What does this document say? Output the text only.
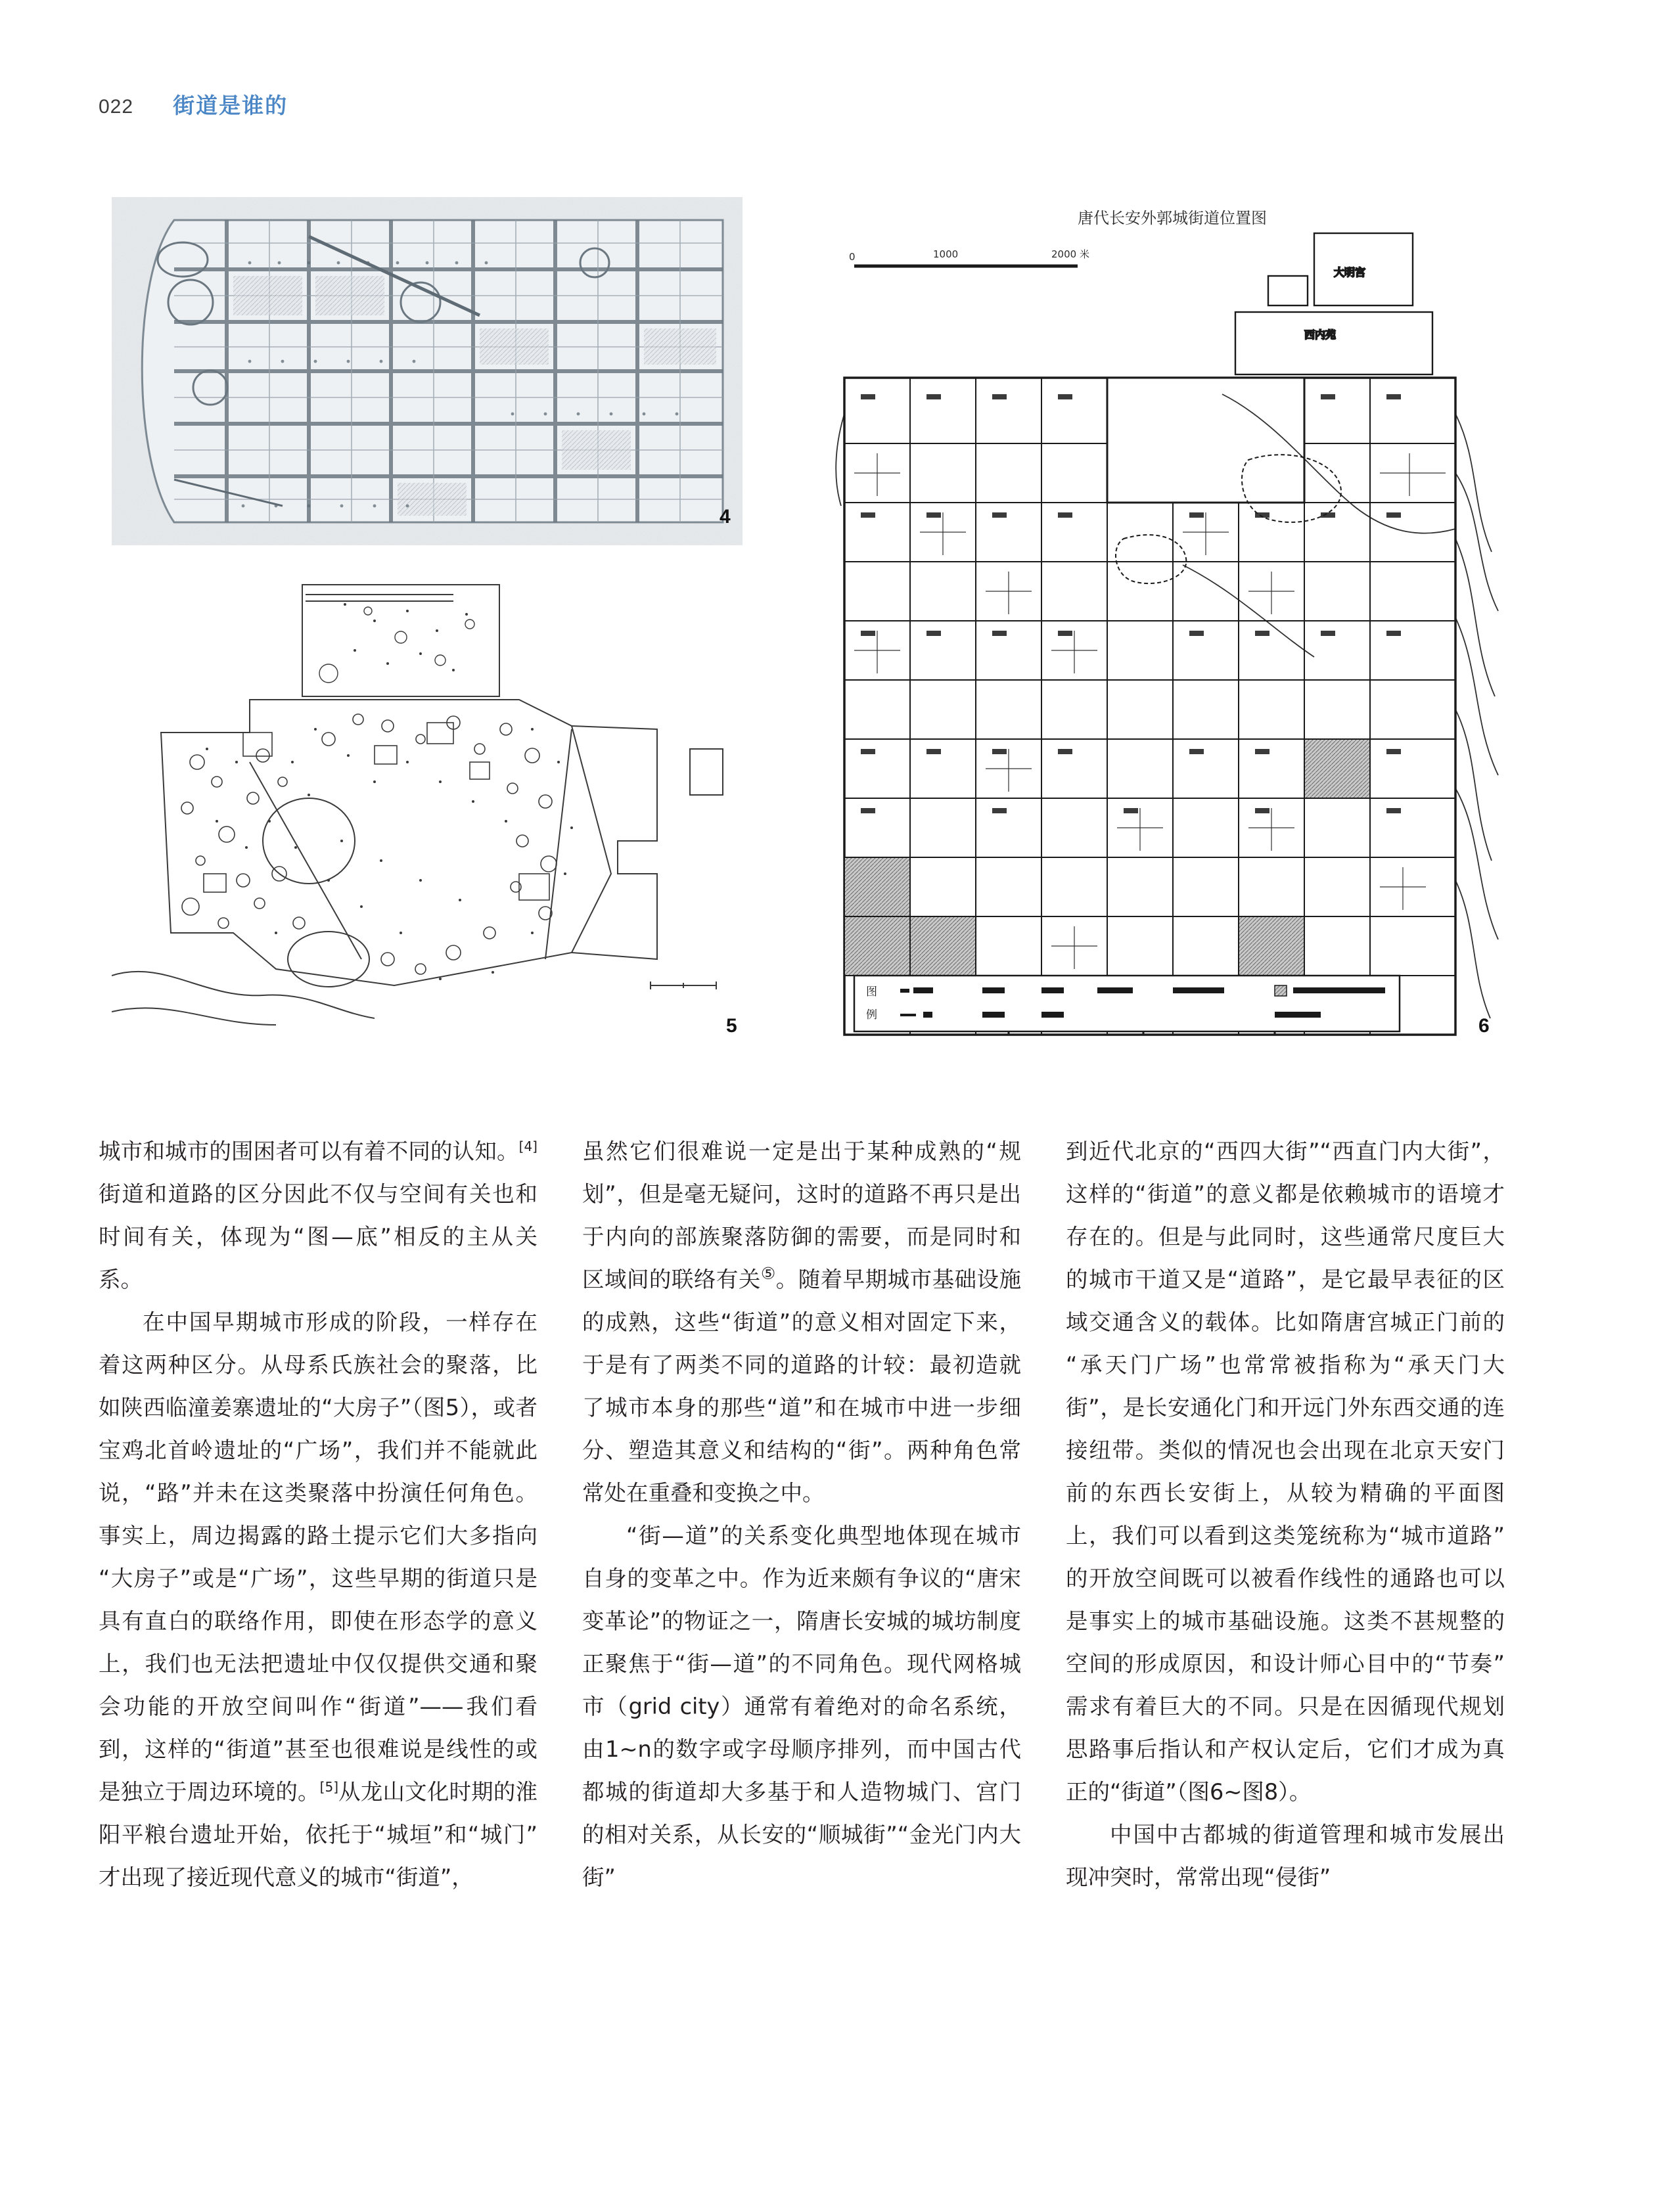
022 街道是谁的
4
5
唐代长安外郭城街道位置图
0	1000	2000 米
大明宫
西内苑
图
例	6

城市和城市的围困者可以有着不同的认知。[4]街道和道路的区分因此不仅与空间有关也和时间有关，体现为“图—底”相反的主从关系。

在中国早期城市形成的阶段，一样存在着这两种区分。从母系氏族社会的聚落，比如陕西临潼姜寨遗址的“大房子”（图5），或者宝鸡北首岭遗址的“广场”，我们并不能就此说，“路”并未在这类聚落中扮演任何角色。事实上，周边揭露的路土提示它们大多指向“大房子”或是“广场”，这些早期的街道只是具有直白的联络作用，即使在形态学的意义上，我们也无法把遗址中仅仅提供交通和聚会功能的开放空间叫作“街道”——我们看到，这样的“街道”甚至也很难说是线性的或是独立于周边环境的。[5]从龙山文化时期的淮阳平粮台遗址开始，依托于“城垣”和“城门”才出现了接近现代意义的城市“街道”，

虽然它们很难说一定是出于某种成熟的“规划”，但是毫无疑问，这时的道路不再只是出于内向的部族聚落防御的需要，而是同时和区域间的联络有关⑤。随着早期城市基础设施的成熟，这些“街道”的意义相对固定下来，于是有了两类不同的道路的计较：最初造就了城市本身的那些“道”和在城市中进一步细分、塑造其意义和结构的“街”。两种角色常常处在重叠和变换之中。

“街—道”的关系变化典型地体现在城市自身的变革之中。作为近来颇有争议的“唐宋变革论”的物证之一，隋唐长安城的城坊制度正聚焦于“街—道”的不同角色。现代网格城市（grid city）通常有着绝对的命名系统，由1~n的数字或字母顺序排列，而中国古代都城的街道却大多基于和人造物城门、宫门的相对关系，从长安的“顺城街”“金光门内大街”

到近代北京的“西四大街”“西直门内大街”，这样的“街道”的意义都是依赖城市的语境才存在的。但是与此同时，这些通常尺度巨大的城市干道又是“道路”，是它最早表征的区域交通含义的载体。比如隋唐宫城正门前的“承天门广场”也常常被指称为“承天门大街”，是长安通化门和开远门外东西交通的连接纽带。类似的情况也会出现在北京天安门前的东西长安街上，从较为精确的平面图上，我们可以看到这类笼统称为“城市道路”的开放空间既可以被看作线性的通路也可以是事实上的城市基础设施。这类不甚规整的空间的形成原因，和设计师心目中的“节奏”需求有着巨大的不同。只是在因循现代规划思路事后指认和产权认定后，它们才成为真正的“街道”（图6~图8）。

中国中古都城的街道管理和城市发展出现冲突时，常常出现“侵街”
